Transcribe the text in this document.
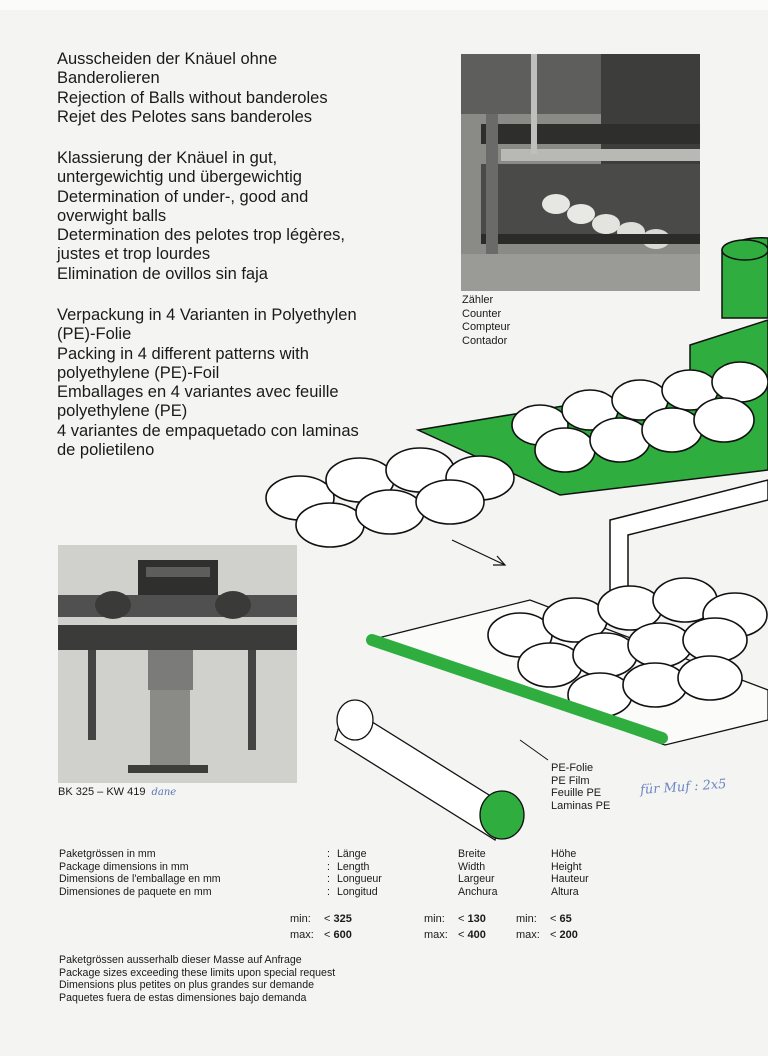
Ausscheiden der Knäuel ohne
Banderolieren
Rejection of Balls without banderoles
Rejet des Pelotes sans banderoles
Klassierung der Knäuel in gut,
untergewichtig und übergewichtig
Determination of under-, good and
overwight balls
Determination des pelotes trop légères,
justes et trop lourdes
Elimination de ovillos sin faja
Verpackung in 4 Varianten in Polyethylen
(PE)-Folie
Packing in 4 different patterns with
polyethylene (PE)-Foil
Emballages en 4 variantes avec feuille
polyethylene (PE)
4 variantes de empaquetado con laminas
de polietileno
Zähler
Counter
Compteur
Contador
BK 325 – KW 419 dane
PE-Folie
PE Film
Feuille PE
Laminas PE
für Muf : 2x5
Paketgrössen in mm
Package dimensions in mm
Dimensions de l'emballage en mm
Dimensiones de paquete en mm
:
:
:
:
Länge
Length
Longueur
Longitud
Breite
Width
Largeur
Anchura
Höhe
Height
Hauteur
Altura
min: < 325
max: < 600
min: < 130
max: < 400
min: < 65
max: < 200
Paketgrössen ausserhalb dieser Masse auf Anfrage
Package sizes exceeding these limits upon special request
Dimensions plus petites on plus grandes sur demande
Paquetes fuera de estas dimensiones bajo demanda
